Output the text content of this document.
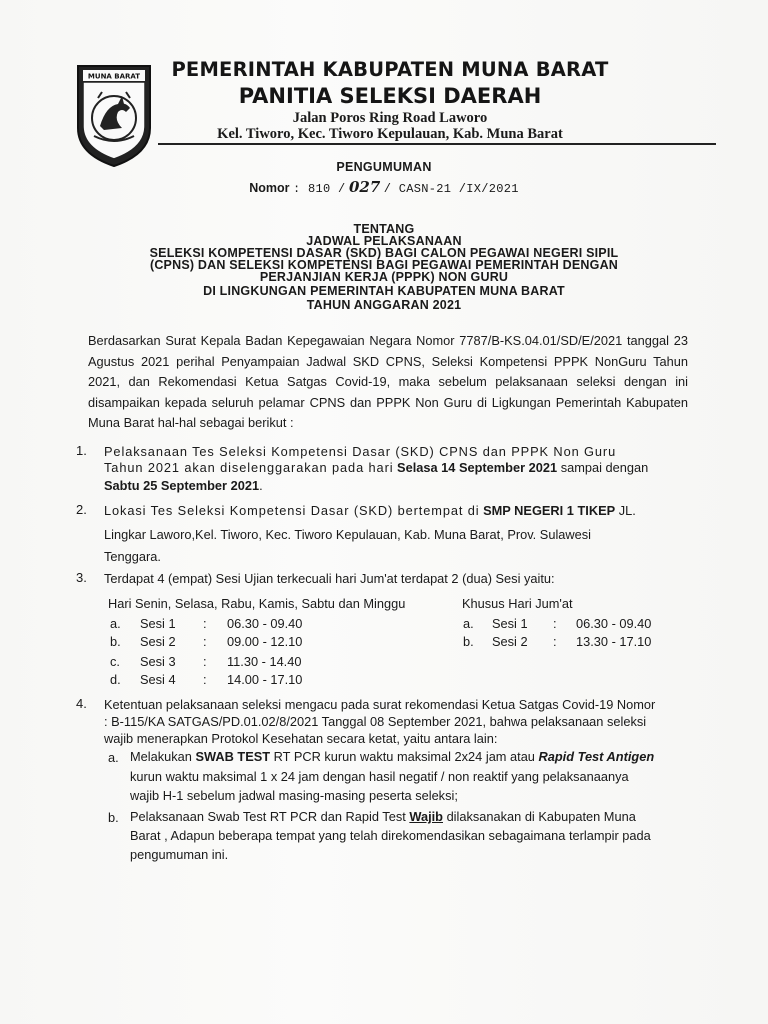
MUNA BARAT PEMERINTAH KABUPATEN MUNA BARAT
PANITIA SELEKSI DAERAH
Jalan Poros Ring Road Laworo
Kel. Tiworo, Kec. Tiworo Kepulauan, Kab. Muna Barat
PENGUMUMAN
Nomor : 810 / 027 / CASN-21 /IX/2021
TENTANG
JADWAL PELAKSANAAN
SELEKSI KOMPETENSI DASAR (SKD) BAGI CALON PEGAWAI NEGERI SIPIL
(CPNS) DAN SELEKSI KOMPETENSI BAGI PEGAWAI PEMERINTAH DENGAN
PERJANJIAN KERJA (PPPK) NON GURU
DI LINGKUNGAN PEMERINTAH KABUPATEN MUNA BARAT
TAHUN ANGGARAN 2021
Berdasarkan Surat Kepala Badan Kepegawaian Negara Nomor 7787/B-KS.04.01/SD/E/2021 tanggal 23 Agustus 2021 perihal Penyampaian Jadwal SKD CPNS, Seleksi Kompetensi PPPK NonGuru Tahun 2021, dan Rekomendasi Ketua Satgas Covid-19, maka sebelum pelaksanaan seleksi dengan ini disampaikan kepada seluruh pelamar CPNS dan PPPK Non Guru di Ligkungan Pemerintah Kabupaten Muna Barat hal-hal sebagai berikut :
1. Pelaksanaan Tes Seleksi Kompetensi Dasar (SKD) CPNS dan PPPK Non Guru
Tahun 2021 akan diselenggarakan pada hari Selasa 14 September 2021 sampai dengan
Sabtu 25 September 2021.
2. Lokasi Tes Seleksi Kompetensi Dasar (SKD) bertempat di SMP NEGERI 1 TIKEP JL.
Lingkar Laworo,Kel. Tiworo, Kec. Tiworo Kepulauan, Kab. Muna Barat, Prov. Sulawesi
Tenggara.
3. Terdapat 4 (empat) Sesi Ujian terkecuali hari Jum'at terdapat 2 (dua) Sesi yaitu:
Hari Senin, Selasa, Rabu, Kamis, Sabtu dan Minggu	Khusus Hari Jum'at
a. Sesi 1 : 06.30 - 09.40
b. Sesi 2 : 09.00 - 12.10
c. Sesi 3 : 11.30 - 14.40
d. Sesi 4 : 14.00 - 17.10
a. Sesi 1 : 06.30 - 09.40
b. Sesi 2 : 13.30 - 17.10
4. Ketentuan pelaksanaan seleksi mengacu pada surat rekomendasi Ketua Satgas Covid-19 Nomor
: B-115/KA SATGAS/PD.01.02/8/2021 Tanggal 08 September 2021, bahwa pelaksanaan seleksi
wajib menerapkan Protokol Kesehatan secara ketat, yaitu antara lain:
a. Melakukan SWAB TEST RT PCR kurun waktu maksimal 2x24 jam atau Rapid Test Antigen
kurun waktu maksimal 1 x 24 jam dengan hasil negatif / non reaktif yang pelaksanaanya
wajib H-1 sebelum jadwal masing-masing peserta seleksi;
b. Pelaksanaan Swab Test RT PCR dan Rapid Test Wajib dilaksanakan di Kabupaten Muna
Barat , Adapun beberapa tempat yang telah direkomendasikan sebagaimana terlampir pada
pengumuman ini.
